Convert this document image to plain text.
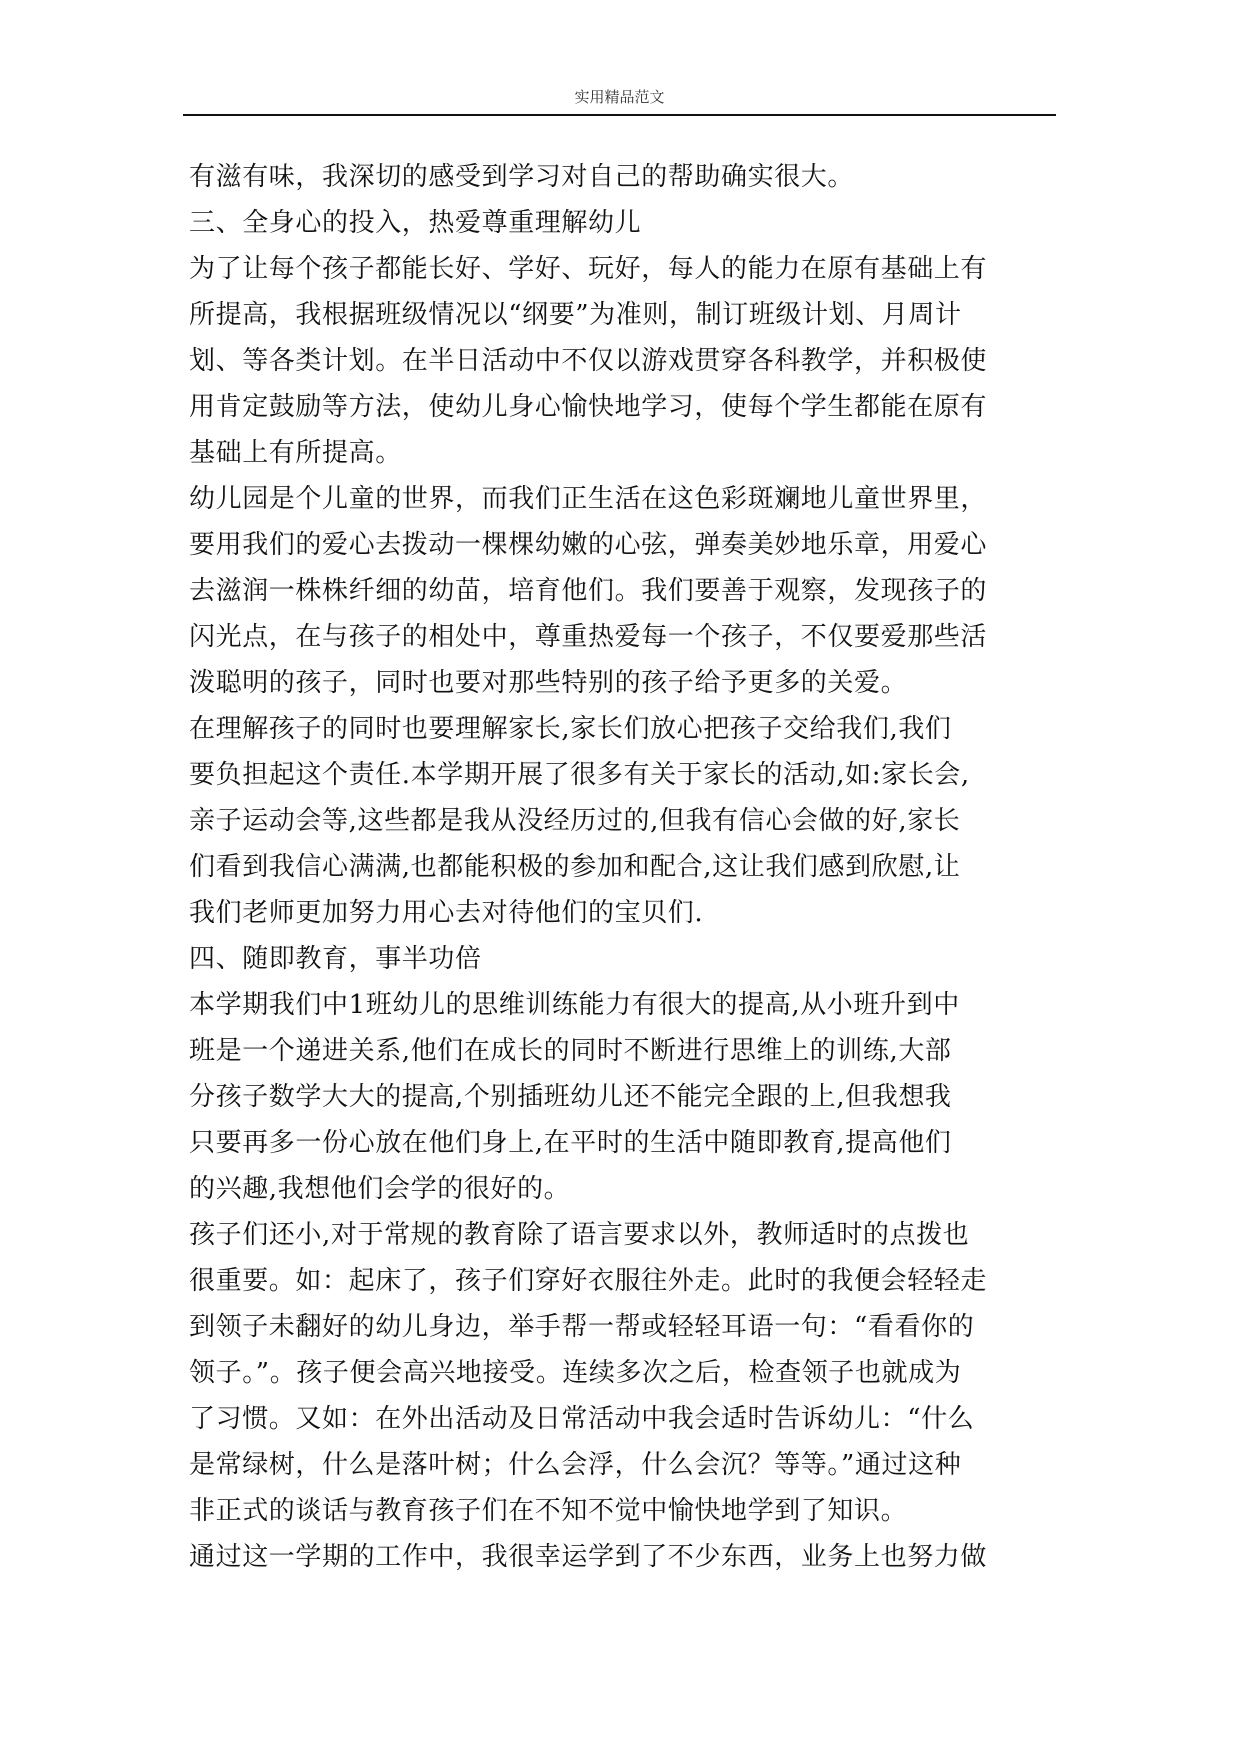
实用精品范文
有滋有味，我深切的感受到学习对自己的帮助确实很大。
三、全身心的投入，热爱尊重理解幼儿
为了让每个孩子都能长好、学好、玩好，每人的能力在原有基础上有
所提高，我根据班级情况以“纲要”为准则，制订班级计划、月周计
划、等各类计划。在半日活动中不仅以游戏贯穿各科教学，并积极使
用肯定鼓励等方法，使幼儿身心愉快地学习，使每个学生都能在原有
基础上有所提高。
幼儿园是个儿童的世界，而我们正生活在这色彩斑斓地儿童世界里，
要用我们的爱心去拨动一棵棵幼嫩的心弦，弹奏美妙地乐章，用爱心
去滋润一株株纤细的幼苗，培育他们。我们要善于观察，发现孩子的
闪光点，在与孩子的相处中，尊重热爱每一个孩子，不仅要爱那些活
泼聪明的孩子，同时也要对那些特别的孩子给予更多的关爱。
在理解孩子的同时也要理解家长,家长们放心把孩子交给我们,我们
要负担起这个责任.本学期开展了很多有关于家长的活动,如:家长会,
亲子运动会等,这些都是我从没经历过的,但我有信心会做的好,家长
们看到我信心满满,也都能积极的参加和配合,这让我们感到欣慰,让
我们老师更加努力用心去对待他们的宝贝们.
四、随即教育，事半功倍
本学期我们中1班幼儿的思维训练能力有很大的提高,从小班升到中
班是一个递进关系,他们在成长的同时不断进行思维上的训练,大部
分孩子数学大大的提高,个别插班幼儿还不能完全跟的上,但我想我
只要再多一份心放在他们身上,在平时的生活中随即教育,提高他们
的兴趣,我想他们会学的很好的。
孩子们还小,对于常规的教育除了语言要求以外，教师适时的点拨也
很重要。如：起床了，孩子们穿好衣服往外走。此时的我便会轻轻走
到领子未翻好的幼儿身边，举手帮一帮或轻轻耳语一句：“看看你的
领子。”。孩子便会高兴地接受。连续多次之后，检查领子也就成为
了习惯。又如：在外出活动及日常活动中我会适时告诉幼儿：“什么
是常绿树，什么是落叶树；什么会浮，什么会沉？等等。”通过这种
非正式的谈话与教育孩子们在不知不觉中愉快地学到了知识。
通过这一学期的工作中，我很幸运学到了不少东西，业务上也努力做
